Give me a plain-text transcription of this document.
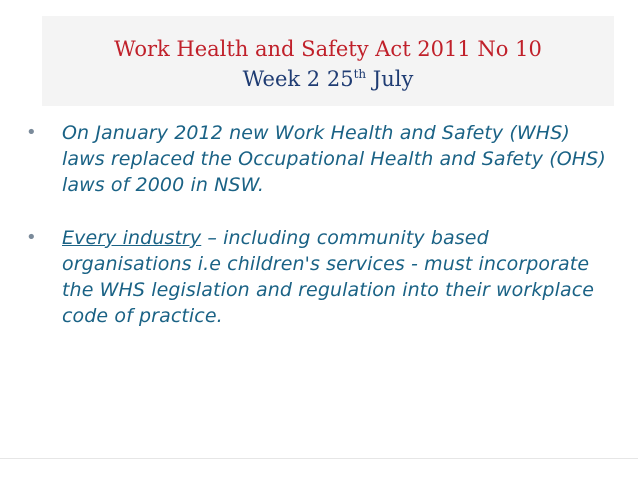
Work Health and Safety Act 2011 No 10
Week 2 25th July
•	On January 2012 new Work Health and Safety (WHS) laws replaced the Occupational Health and Safety (OHS) laws of 2000 in NSW.
•	Every industry – including community based organisations i.e children's services - must incorporate the WHS legislation and regulation into their workplace code of practice.
